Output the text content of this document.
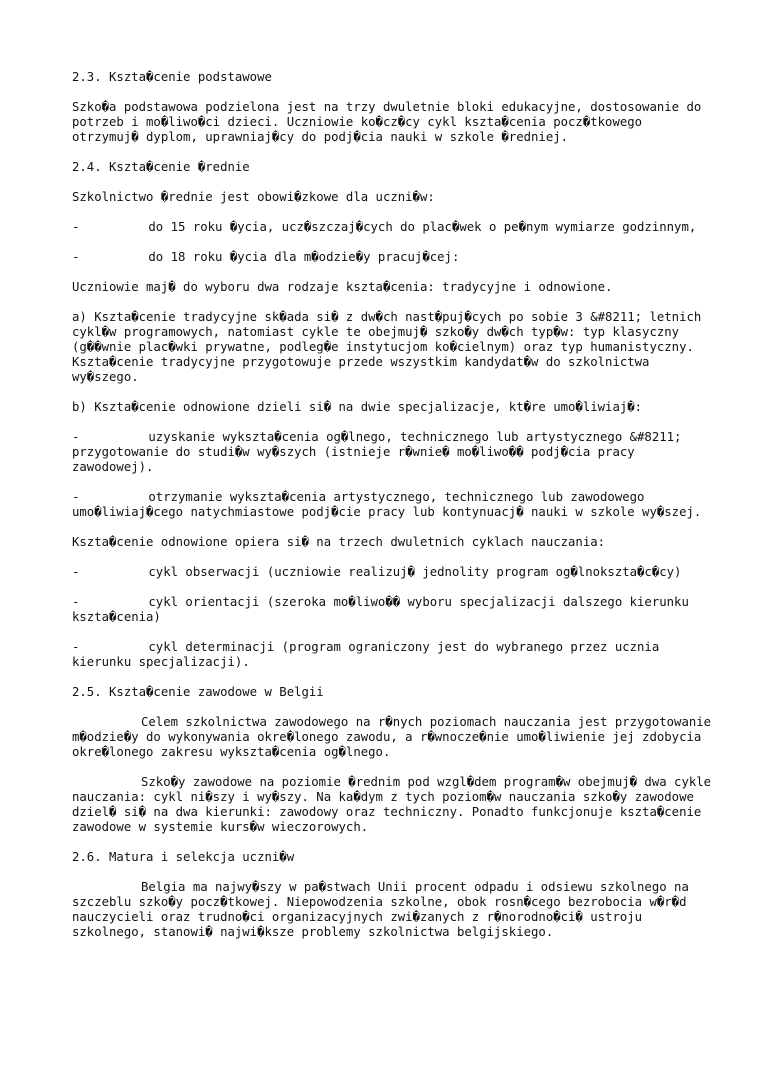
2.3. Kszta�cenie podstawowe
Szko�a podstawowa podzielona jest na trzy dwuletnie bloki edukacyjne, dostosowanie do potrzeb i mo�liwo�ci dzieci. Uczniowie ko�cz�cy cykl kszta�cenia pocz�tkowego otrzymuj� dyplom, uprawniaj�cy do podj�cia nauki w szkole �redniej.
2.4. Kszta�cenie �rednie
Szkolnictwo �rednie jest obowi�zkowe dla uczni�w:
-	do 15 roku �ycia, ucz�szczaj�cych do plac�wek o pe�nym wymiarze godzinnym,
-	do 18 roku �ycia dla m�odzie�y pracuj�cej:
Uczniowie maj� do wyboru dwa rodzaje kszta�cenia: tradycyjne i odnowione.
a) Kszta�cenie tradycyjne sk�ada si� z dw�ch nast�puj�cych po sobie 3 &#8211; letnich cykl�w programowych, natomiast cykle te obejmuj� szko�y dw�ch typ�w: typ klasyczny (g��wnie plac�wki prywatne, podleg�e instytucjom ko�cielnym) oraz typ humanistyczny. Kszta�cenie tradycyjne przygotowuje przede wszystkim kandydat�w do szkolnictwa wy�szego.
b) Kszta�cenie odnowione dzieli si� na dwie specjalizacje, kt�re umo�liwiaj�:
-	uzyskanie wykszta�cenia og�lnego, technicznego lub artystycznego &#8211; przygotowanie do studi�w wy�szych (istnieje r�wnie� mo�liwo�� podj�cia pracy zawodowej).
-	otrzymanie wykszta�cenia artystycznego, technicznego lub zawodowego umo�liwiaj�cego natychmiastowe podj�cie pracy lub kontynuacj� nauki w szkole wy�szej.
Kszta�cenie odnowione opiera si� na trzech dwuletnich cyklach nauczania:
-	cykl obserwacji (uczniowie realizuj� jednolity program og�lnokszta�c�cy)
-	cykl orientacji (szeroka mo�liwo�� wyboru specjalizacji dalszego kierunku kszta�cenia)
-	cykl determinacji (program ograniczony jest do wybranego przez ucznia kierunku specjalizacji).
2.5. Kszta�cenie zawodowe w Belgii
Celem szkolnictwa zawodowego na r�nych poziomach nauczania jest przygotowanie m�odzie�y do wykonywania okre�lonego zawodu, a r�wnocze�nie umo�liwienie jej zdobycia okre�lonego zakresu wykszta�cenia og�lnego.
Szko�y zawodowe na poziomie �rednim pod wzgl�dem program�w obejmuj� dwa cykle nauczania: cykl ni�szy i wy�szy. Na ka�dym z tych poziom�w nauczania szko�y zawodowe dziel� si� na dwa kierunki: zawodowy oraz techniczny. Ponadto funkcjonuje kszta�cenie zawodowe w systemie kurs�w wieczorowych.
2.6. Matura i selekcja uczni�w
Belgia ma najwy�szy w pa�stwach Unii procent odpadu i odsiewu szkolnego na szczeblu szko�y pocz�tkowej. Niepowodzenia szkolne, obok rosn�cego bezrobocia w�r�d nauczycieli oraz trudno�ci organizacyjnych zwi�zanych z r�norodno�ci� ustroju szkolnego, stanowi� najwi�ksze problemy szkolnictwa belgijskiego.
